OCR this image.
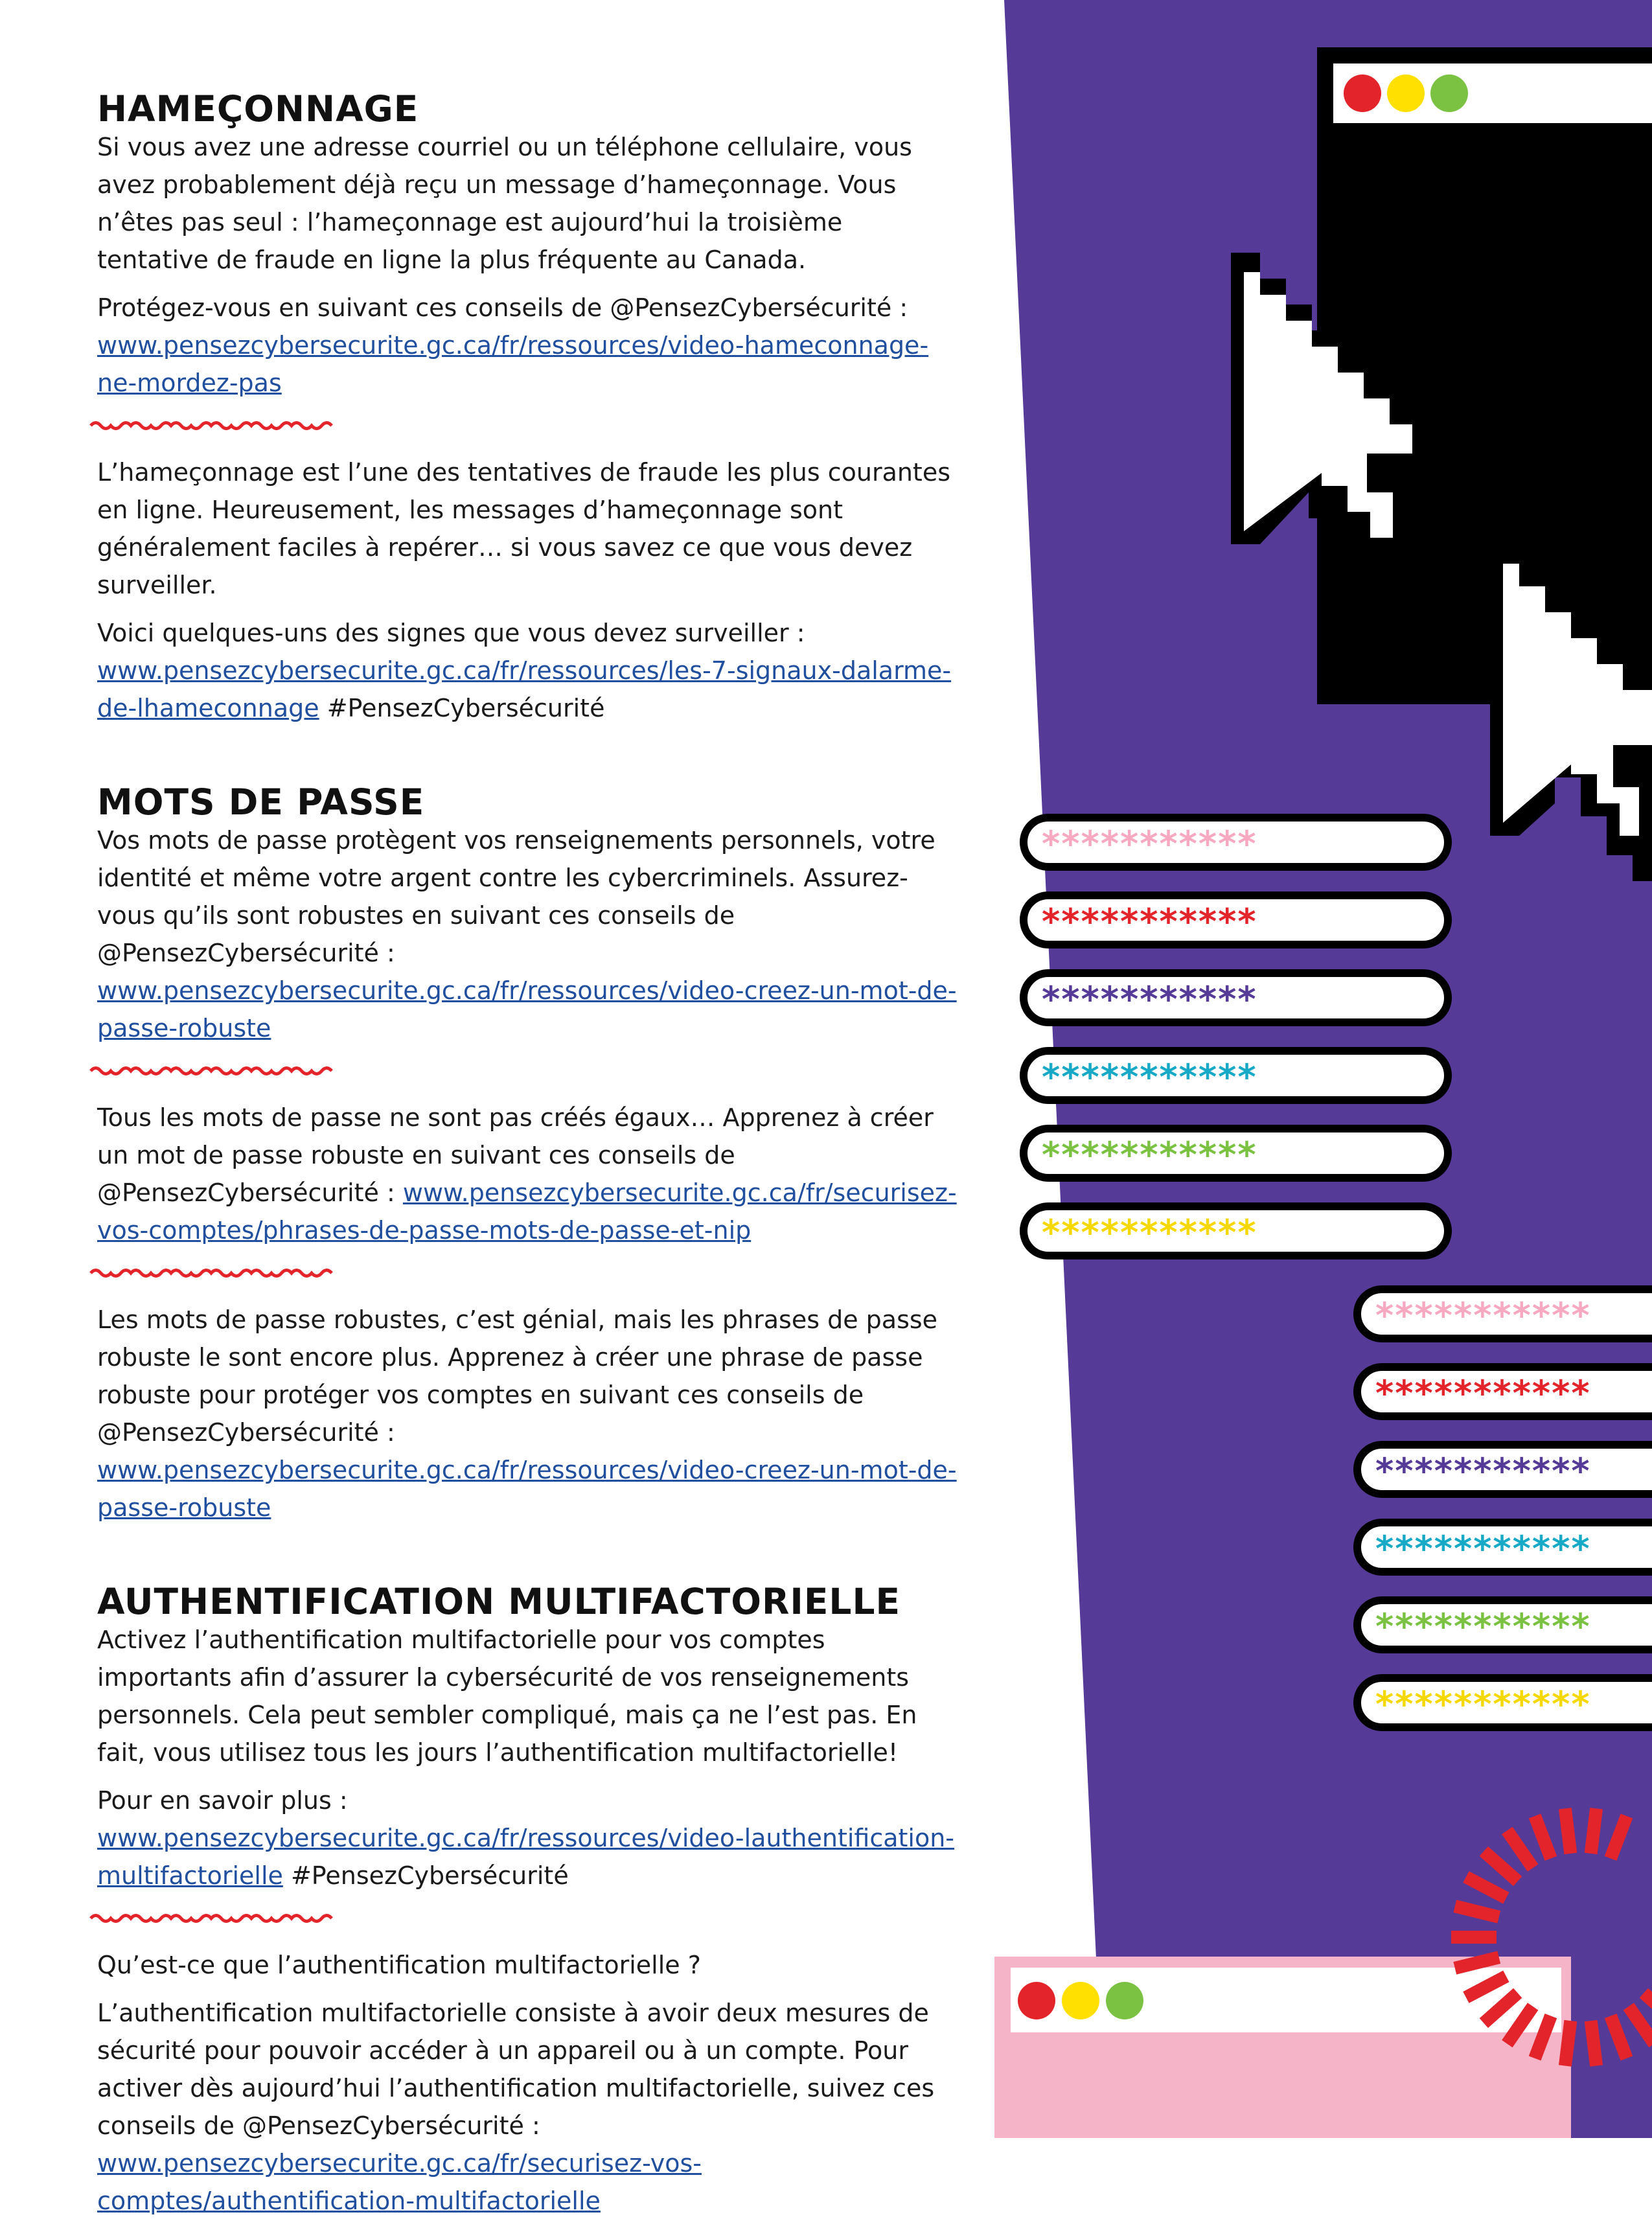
***********
***********
***********
***********
***********
***********
***********
***********
***********
***********
***********
***********
HAMEÇONNAGE

Si vous avez une adresse courriel ou un téléphone cellulaire, vous avez probablement déjà reçu un message d’hameçonnage. Vous n’êtes pas seul : l’hameçonnage est aujourd’hui la troisième tentative de fraude en ligne la plus fréquente au Canada.

Protégez-vous en suivant ces conseils de @PensezCybersécurité : www.pensezcybersecurite.gc.ca/fr/ressources/video-hameconnage-ne-mordez-pas

L’hameçonnage est l’une des tentatives de fraude les plus courantes en ligne. Heureusement, les messages d’hameçonnage sont généralement faciles à repérer… si vous savez ce que vous devez surveiller.

Voici quelques-uns des signes que vous devez surveiller : www.pensezcybersecurite.gc.ca/fr/ressources/les-7-signaux-dalarme-de-lhameconnage #PensezCybersécurité

MOTS DE PASSE

Vos mots de passe protègent vos renseignements personnels, votre identité et même votre argent contre les cybercriminels. Assurez-vous qu’ils sont robustes en suivant ces conseils de @PensezCybersécurité : www.pensezcybersecurite.gc.ca/fr/ressources/video-creez-un-mot-de-passe-robuste

Tous les mots de passe ne sont pas créés égaux… Apprenez à créer un mot de passe robuste en suivant ces conseils de @PensezCybersécurité : www.pensezcybersecurite.gc.ca/fr/securisez-vos-comptes/phrases-de-passe-mots-de-passe-et-nip

Les mots de passe robustes, c’est génial, mais les phrases de passe robuste le sont encore plus. Apprenez à créer une phrase de passe robuste pour protéger vos comptes en suivant ces conseils de @PensezCybersécurité : www.pensezcybersecurite.gc.ca/fr/ressources/video-creez-un-mot-de-passe-robuste

AUTHENTIFICATION MULTIFACTORIELLE

Activez l’authentification multifactorielle pour vos comptes importants afin d’assurer la cybersécurité de vos renseignements personnels. Cela peut sembler compliqué, mais ça ne l’est pas. En fait, vous utilisez tous les jours l’authentification multifactorielle!

Pour en savoir plus : www.pensezcybersecurite.gc.ca/fr/ressources/video-lauthentification-multifactorielle #PensezCybersécurité

Qu’est-ce que l’authentification multifactorielle ?

L’authentification multifactorielle consiste à avoir deux mesures de sécurité pour pouvoir accéder à un appareil ou à un compte. Pour activer dès aujourd’hui l’authentification multifactorielle, suivez ces conseils de @PensezCybersécurité : www.pensezcybersecurite.gc.ca/fr/securisez-vos-comptes/authentification-multifactorielle
